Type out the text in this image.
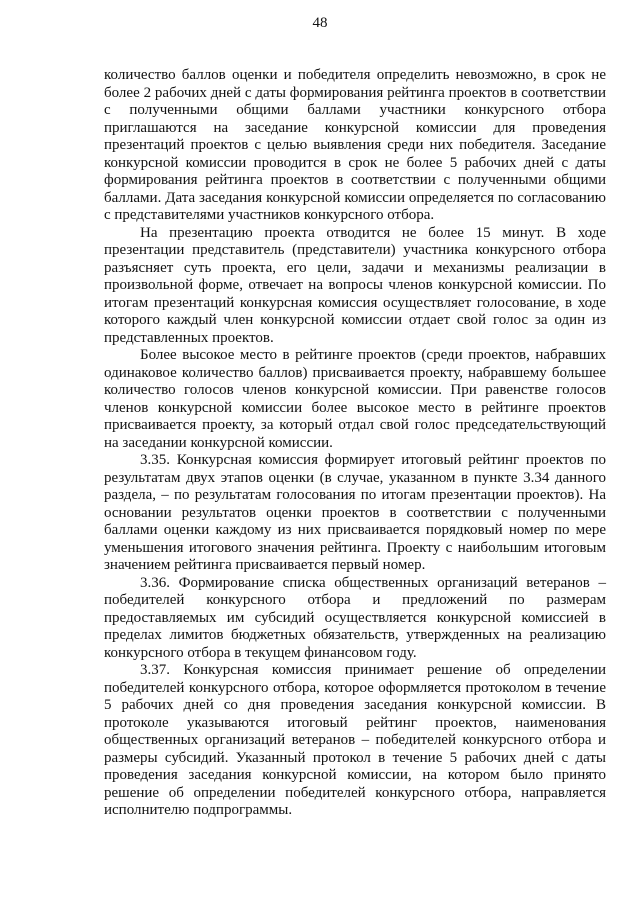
48

количество баллов оценки и победителя определить невозможно, в срок не более 2 рабочих дней с даты формирования рейтинга проектов в соответствии с полученными общими баллами участники конкурсного отбора приглашаются на заседание конкурсной комиссии для проведения презентаций проектов с целью выявления среди них победителя. Заседание конкурсной комиссии проводится в срок не более 5 рабочих дней с даты формирования рейтинга проектов в соответствии с полученными общими баллами. Дата заседания конкурсной комиссии определяется по согласованию с представителями участников конкурсного отбора.

На презентацию проекта отводится не более 15 минут. В ходе презентации представитель (представители) участника конкурсного отбора разъясняет суть проекта, его цели, задачи и механизмы реализации в произвольной форме, отвечает на вопросы членов конкурсной комиссии. По итогам презентаций конкурсная комиссия осуществляет голосование, в ходе которого каждый член конкурсной комиссии отдает свой голос за один из представленных проектов.

Более высокое место в рейтинге проектов (среди проектов, набравших одинаковое количество баллов) присваивается проекту, набравшему большее количество голосов членов конкурсной комиссии. При равенстве голосов членов конкурсной комиссии более высокое место в рейтинге проектов присваивается проекту, за который отдал свой голос председательствующий на заседании конкурсной комиссии.

3.35. Конкурсная комиссия формирует итоговый рейтинг проектов по результатам двух этапов оценки (в случае, указанном в пункте 3.34 данного раздела, – по результатам голосования по итогам презентации проектов). На основании результатов оценки проектов в соответствии с полученными баллами оценки каждому из них присваивается порядковый номер по мере уменьшения итогового значения рейтинга. Проекту с наибольшим итоговым значением рейтинга присваивается первый номер.

3.36. Формирование списка общественных организаций ветеранов – победителей конкурсного отбора и предложений по размерам предоставляемых им субсидий осуществляется конкурсной комиссией в пределах лимитов бюджетных обязательств, утвержденных на реализацию конкурсного отбора в текущем финансовом году.

3.37. Конкурсная комиссия принимает решение об определении победителей конкурсного отбора, которое оформляется протоколом в течение 5 рабочих дней со дня проведения заседания конкурсной комиссии. В протоколе указываются итоговый рейтинг проектов, наименования общественных организаций ветеранов – победителей конкурсного отбора и размеры субсидий. Указанный протокол в течение 5 рабочих дней с даты проведения заседания конкурсной комиссии, на котором было принято решение об определении победителей конкурсного отбора, направляется исполнителю подпрограммы.
